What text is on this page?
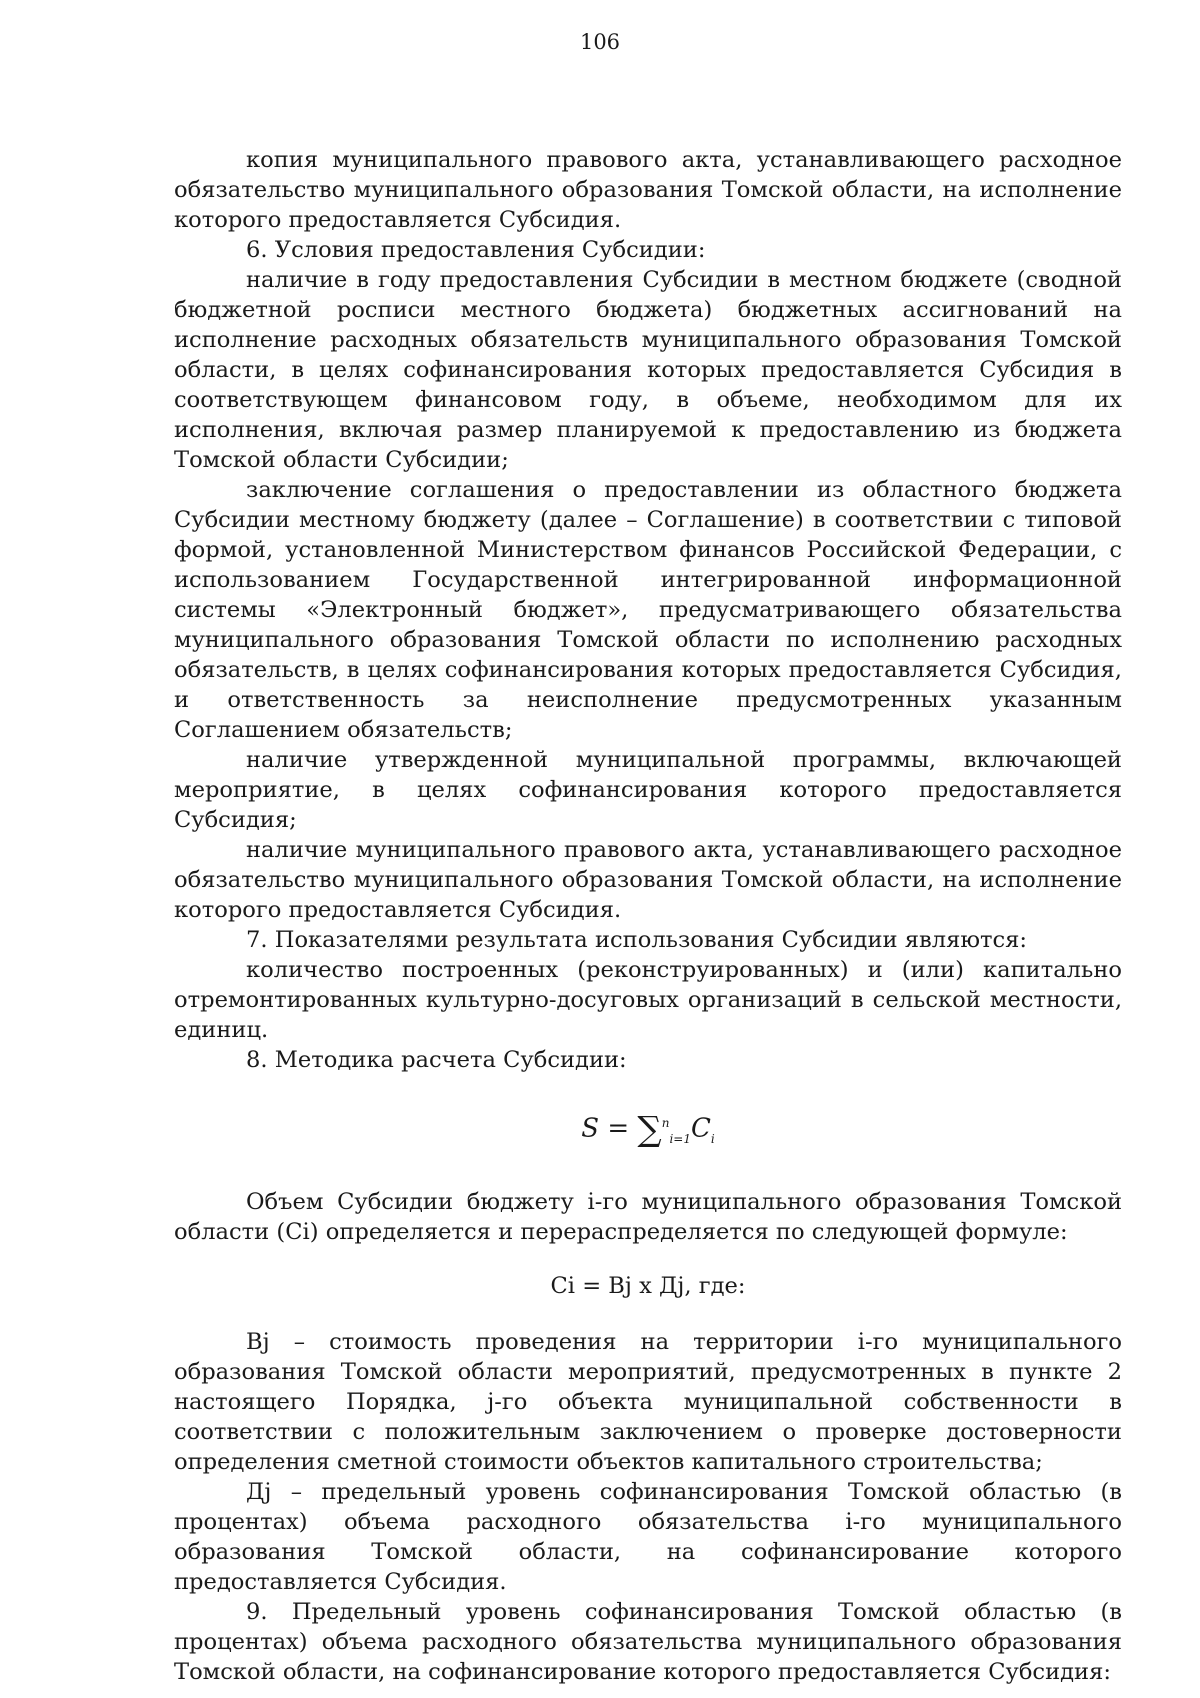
106

копия муниципального правового акта, устанавливающего расходное обязательство муниципального образования Томской области, на исполнение которого предоставляется Субсидия.

6. Условия предоставления Субсидии:

наличие в году предоставления Субсидии в местном бюджете (сводной бюджетной росписи местного бюджета) бюджетных ассигнований на исполнение расходных обязательств муниципального образования Томской области, в целях софинансирования которых предоставляется Субсидия в соответствующем финансовом году, в объеме, необходимом для их исполнения, включая размер планируемой к предоставлению из бюджета Томской области Субсидии;

заключение соглашения о предоставлении из областного бюджета Субсидии местному бюджету (далее – Соглашение) в соответствии с типовой формой, установленной Министерством финансов Российской Федерации, с использованием Государственной интегрированной информационной системы «Электронный бюджет», предусматривающего обязательства муниципального образования Томской области по исполнению расходных обязательств, в целях софинансирования которых предоставляется Субсидия, и ответственность за неисполнение предусмотренных указанным Соглашением обязательств;

наличие утвержденной муниципальной программы, включающей мероприятие, в целях софинансирования которого предоставляется Субсидия;

наличие муниципального правового акта, устанавливающего расходное обязательство муниципального образования Томской области, на исполнение которого предоставляется Субсидия.

7. Показателями результата использования Субсидии являются:

количество построенных (реконструированных) и (или) капитально отремонтированных культурно-досуговых организаций в сельской местности, единиц.

8. Методика расчета Субсидии:

$S = \sum^n_{i=1}C_i$

Объем Субсидии бюджету i-го муниципального образования Томской области (Ci) определяется и перераспределяется по следующей формуле:

Ci = Bj x Дj, где:

Bj – стоимость проведения на территории i-го муниципального образования Томской области мероприятий, предусмотренных в пункте 2 настоящего Порядка, j-го объекта муниципальной собственности в соответствии с положительным заключением о проверке достоверности определения сметной стоимости объектов капитального строительства;

Дj – предельный уровень софинансирования Томской областью (в процентах) объема расходного обязательства i-го муниципального образования Томской области, на софинансирование которого предоставляется Субсидия.

9. Предельный уровень софинансирования Томской областью (в процентах) объема расходного обязательства муниципального образования Томской области, на софинансирование которого предоставляется Субсидия:
